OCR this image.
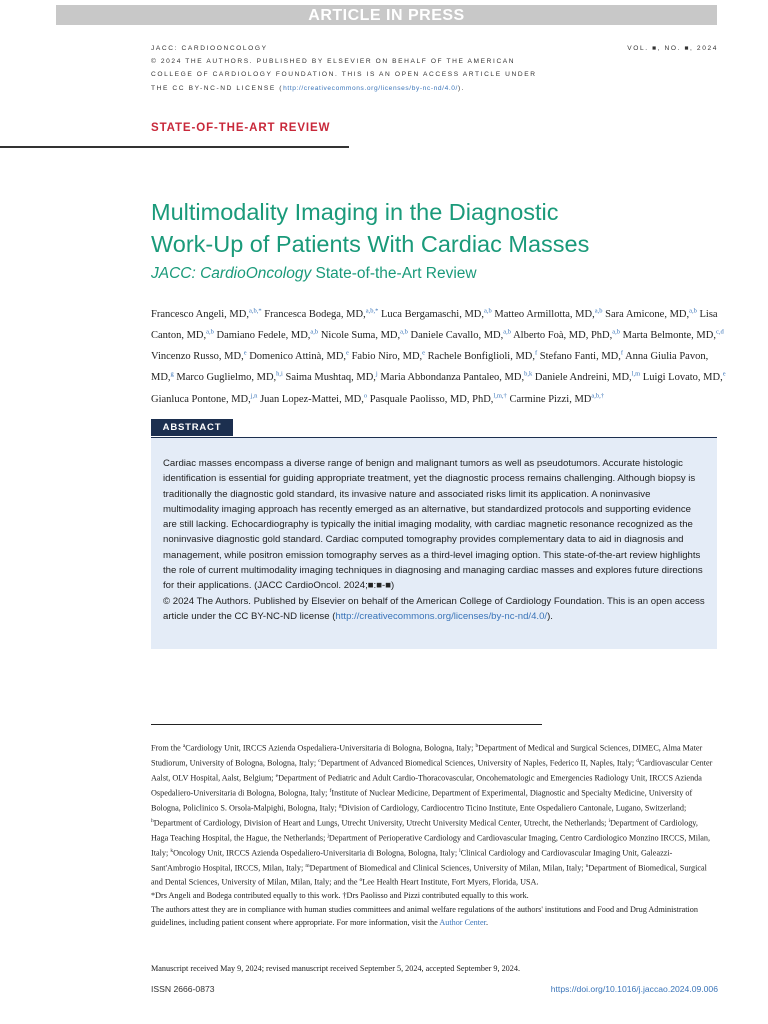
ARTICLE IN PRESS
JACC: CARDIOONCOLOGY
© 2024 THE AUTHORS. PUBLISHED BY ELSEVIER ON BEHALF OF THE AMERICAN
COLLEGE OF CARDIOLOGY FOUNDATION. THIS IS AN OPEN ACCESS ARTICLE UNDER
THE CC BY-NC-ND LICENSE (http://creativecommons.org/licenses/by-nc-nd/4.0/).
VOL. ■, NO. ■, 2024
STATE-OF-THE-ART REVIEW
Multimodality Imaging in the Diagnostic
Work-Up of Patients With Cardiac Masses
JACC: CardioOncology State-of-the-Art Review
Francesco Angeli, MD,$^{a,b,*}$ Francesca Bodega, MD,$^{a,b,*}$ Luca Bergamaschi, MD,$^{a,b}$ Matteo Armillotta, MD,$^{a,b}$ Sara Amicone, MD,$^{a,b}$ Lisa Canton, MD,$^{a,b}$ Damiano Fedele, MD,$^{a,b}$ Nicole Suma, MD,$^{a,b}$ Daniele Cavallo, MD,$^{a,b}$ Alberto Foà, MD, PhD,$^{a,b}$ Marta Belmonte, MD,$^{c,d}$ Vincenzo Russo, MD,$^e$ Domenico Attinà, MD,$^e$ Fabio Niro, MD,$^e$ Rachele Bonfiglioli, MD,$^f$ Stefano Fanti, MD,$^f$ Anna Giulia Pavon, MD,$^g$ Marco Guglielmo, MD,$^{h,i}$ Saima Mushtaq, MD,$^j$ Maria Abbondanza Pantaleo, MD,$^{b,k}$ Daniele Andreini, MD,$^{l,m}$ Luigi Lovato, MD,$^e$ Gianluca Pontone, MD,$^{j,n}$ Juan Lopez-Mattei, MD,$^o$ Pasquale Paolisso, MD, PhD,$^{l,m,\dagger}$ Carmine Pizzi, $MD^{a,b,\dagger}$
ABSTRACT

Cardiac masses encompass a diverse range of benign and malignant tumors as well as pseudotumors. Accurate histologic identification is essential for guiding appropriate treatment, yet the diagnostic process remains challenging. Although biopsy is traditionally the diagnostic gold standard, its invasive nature and associated risks limit its application. A noninvasive multimodality imaging approach has recently emerged as an alternative, but standardized protocols and supporting evidence are still lacking. Echocardiography is typically the initial imaging modality, with cardiac magnetic resonance recognized as the noninvasive diagnostic gold standard. Cardiac computed tomography provides complementary data to aid in diagnosis and management, while positron emission tomography serves as a third-level imaging option. This state-of-the-art review highlights the role of current multimodality imaging techniques in diagnosing and managing cardiac masses and explores future directions for their applications. (JACC CardioOncol. 2024;■:■-■)
© 2024 The Authors. Published by Elsevier on behalf of the American College of Cardiology Foundation. This is an open access article under the CC BY-NC-ND license (http://creativecommons.org/licenses/by-nc-nd/4.0/).

From the $^a$Cardiology Unit, IRCCS Azienda Ospedaliera-Universitaria di Bologna, Bologna, Italy; $^b$Department of Medical and Surgical Sciences, DIMEC, Alma Mater Studiorum, University of Bologna, Bologna, Italy; $^c$Department of Advanced Biomedical Sciences, University of Naples, Federico II, Naples, Italy; $^d$Cardiovascular Center Aalst, OLV Hospital, Aalst, Belgium; $^e$Department of Pediatric and Adult Cardio-Thoracovascular, Oncohematologic and Emergencies Radiology Unit, IRCCS Azienda Ospedaliero-Universitaria di Bologna, Bologna, Italy; $^f$Institute of Nuclear Medicine, Department of Experimental, Diagnostic and Specialty Medicine, University of Bologna, Policlinico S. Orsola-Malpighi, Bologna, Italy; $^g$Division of Cardiology, Cardiocentro Ticino Institute, Ente Ospedaliero Cantonale, Lugano, Switzerland; $^h$Department of Cardiology, Division of Heart and Lungs, Utrecht University, Utrecht University Medical Center, Utrecht, the Netherlands; $^i$Department of Cardiology, Haga Teaching Hospital, the Hague, the Netherlands; $^j$Department of Perioperative Cardiology and Cardiovascular Imaging, Centro Cardiologico Monzino IRCCS, Milan, Italy; $^k$Oncology Unit, IRCCS Azienda Ospedaliero-Universitaria di Bologna, Bologna, Italy; $^l$Clinical Cardiology and Cardiovascular Imaging Unit, Galeazzi-Sant'Ambrogio Hospital, IRCCS, Milan, Italy; $^m$Department of Biomedical and Clinical Sciences, University of Milan, Milan, Italy; $^n$Department of Biomedical, Surgical and Dental Sciences, University of Milan, Milan, Italy; and the $^o$Lee Health Heart Institute, Fort Myers, Florida, USA.

*Drs Angeli and Bodega contributed equally to this work. †Drs Paolisso and Pizzi contributed equally to this work.

The authors attest they are in compliance with human studies committees and animal welfare regulations of the authors' institutions and Food and Drug Administration guidelines, including patient consent where appropriate. For more information, visit the Author Center.

Manuscript received May 9, 2024; revised manuscript received September 5, 2024, accepted September 9, 2024.
ISSN 2666-0873	https://doi.org/10.1016/j.jaccao.2024.09.006
